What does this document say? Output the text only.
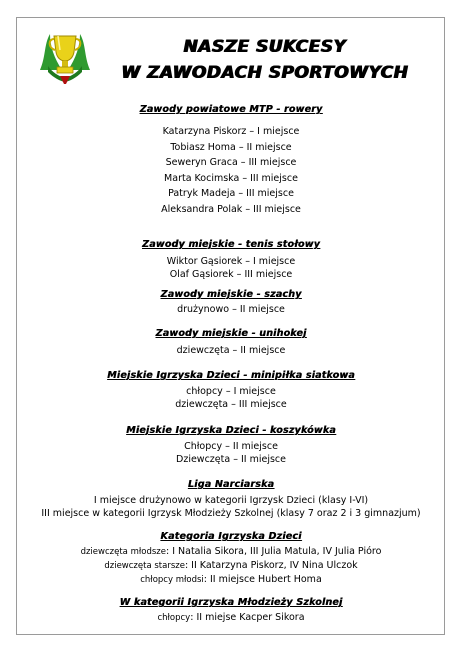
NASZE SUKCESY
W ZAWODACH SPORTOWYCH
Zawody powiatowe MTP - rowery
Katarzyna Piskorz – I miejsce
Tobiasz Homa – II miejsce
Seweryn Graca – III miejsce
Marta Kocimska – III miejsce
Patryk Madeja – III miejsce
Aleksandra Polak – III miejsce
Zawody miejskie - tenis stołowy
Wiktor Gąsiorek – I miejsce
Olaf Gąsiorek – III miejsce
Zawody miejskie - szachy
drużynowo – II miejsce
Zawody miejskie - unihokej
dziewczęta – II miejsce
Miejskie Igrzyska Dzieci - minipiłka siatkowa
chłopcy – I miejsce
dziewczęta – III miejsce
Miejskie Igrzyska Dzieci - koszykówka
Chłopcy – II miejsce
Dziewczęta – II miejsce
Liga Narciarska
I miejsce drużynowo w kategorii Igrzysk Dzieci (klasy I-VI)
III miejsce w kategorii Igrzysk Młodzieży Szkolnej (klasy 7 oraz 2 i 3 gimnazjum)
Kategoria Igrzyska Dzieci
dziewczęta młodsze: I Natalia Sikora, III Julia Matula, IV Julia Pióro
dziewczęta starsze: II Katarzyna Piskorz, IV Nina Ulczok
chłopcy młodsi: II miejsce Hubert Homa
W kategorii Igrzyska Młodzieży Szkolnej
chłopcy: II miejse Kacper Sikora
